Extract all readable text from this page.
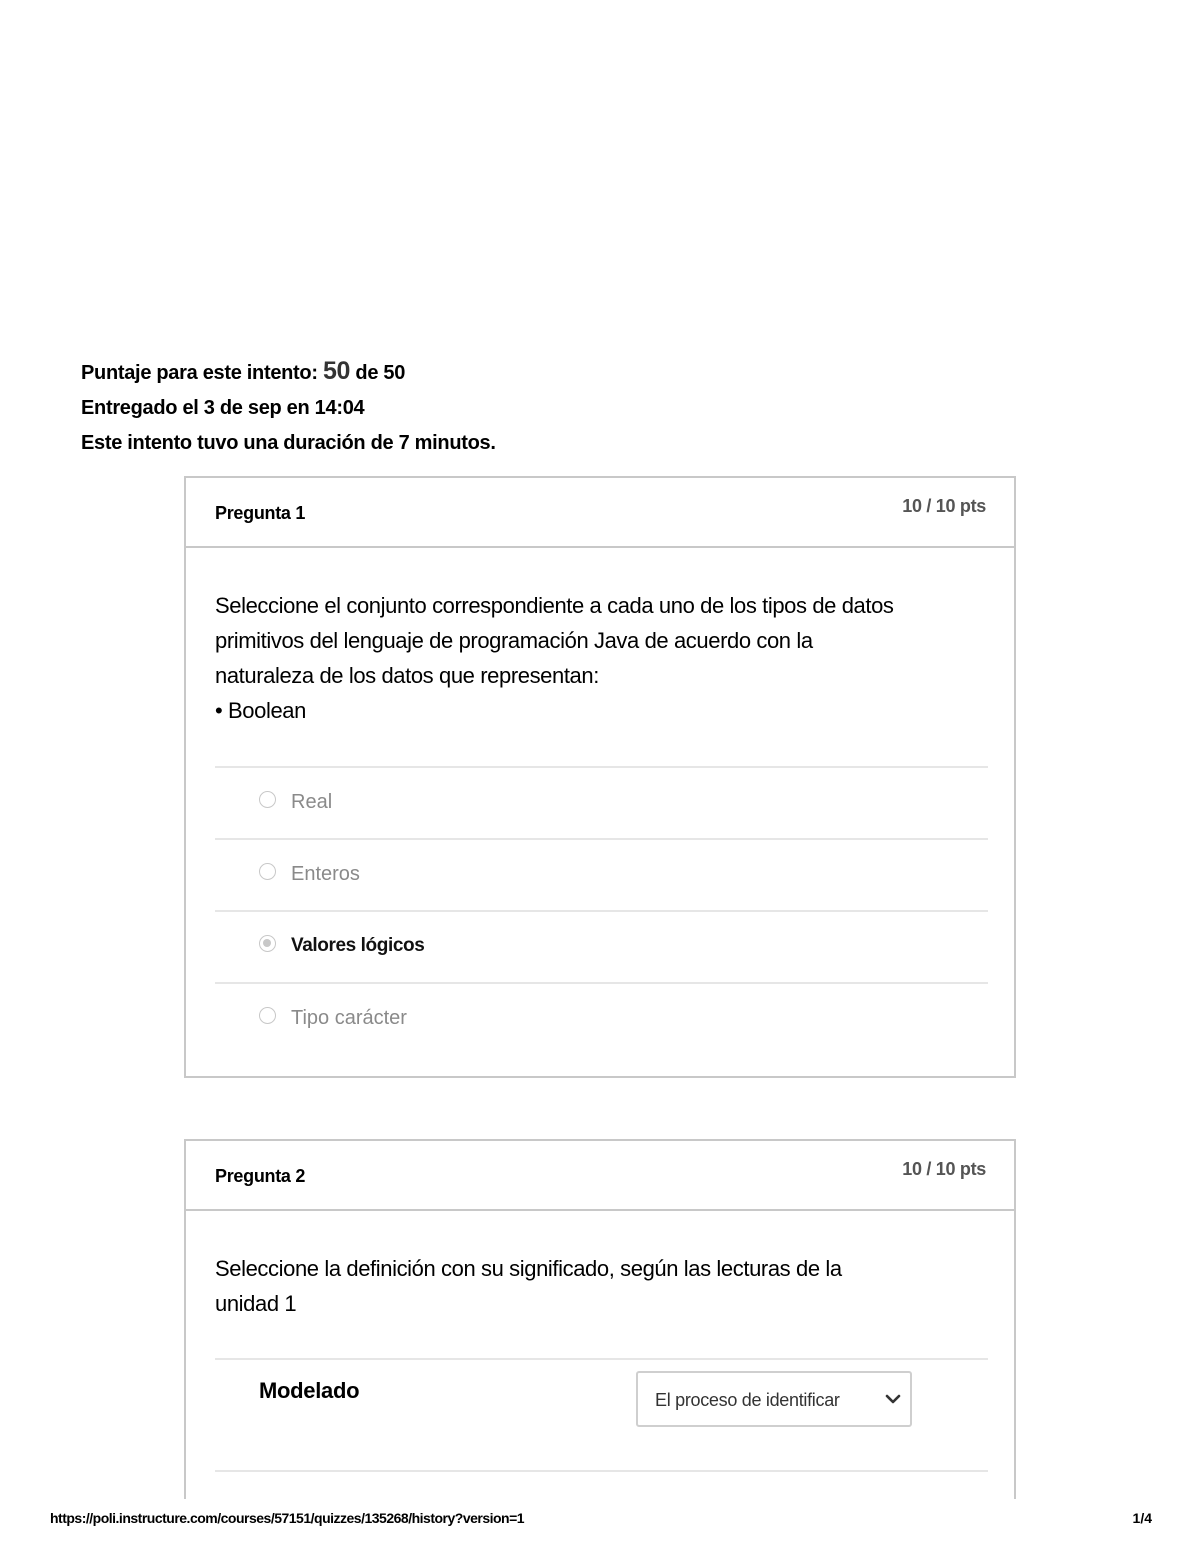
Puntaje para este intento: 50 de 50
Entregado el 3 de sep en 14:04
Este intento tuvo una duración de 7 minutos.
Pregunta 1	10 / 10 pts
Seleccione el conjunto correspondiente a cada uno de los tipos de datos
primitivos del lenguaje de programación Java de acuerdo con la
naturaleza de los datos que representan:
• Boolean
Real
Enteros
Valores lógicos
Tipo carácter
Pregunta 2	10 / 10 pts
Seleccione la definición con su significado, según las lecturas de la
unidad 1
Modelado	El proceso de identificar
https://poli.instructure.com/courses/57151/quizzes/135268/history?version=1	1/4
